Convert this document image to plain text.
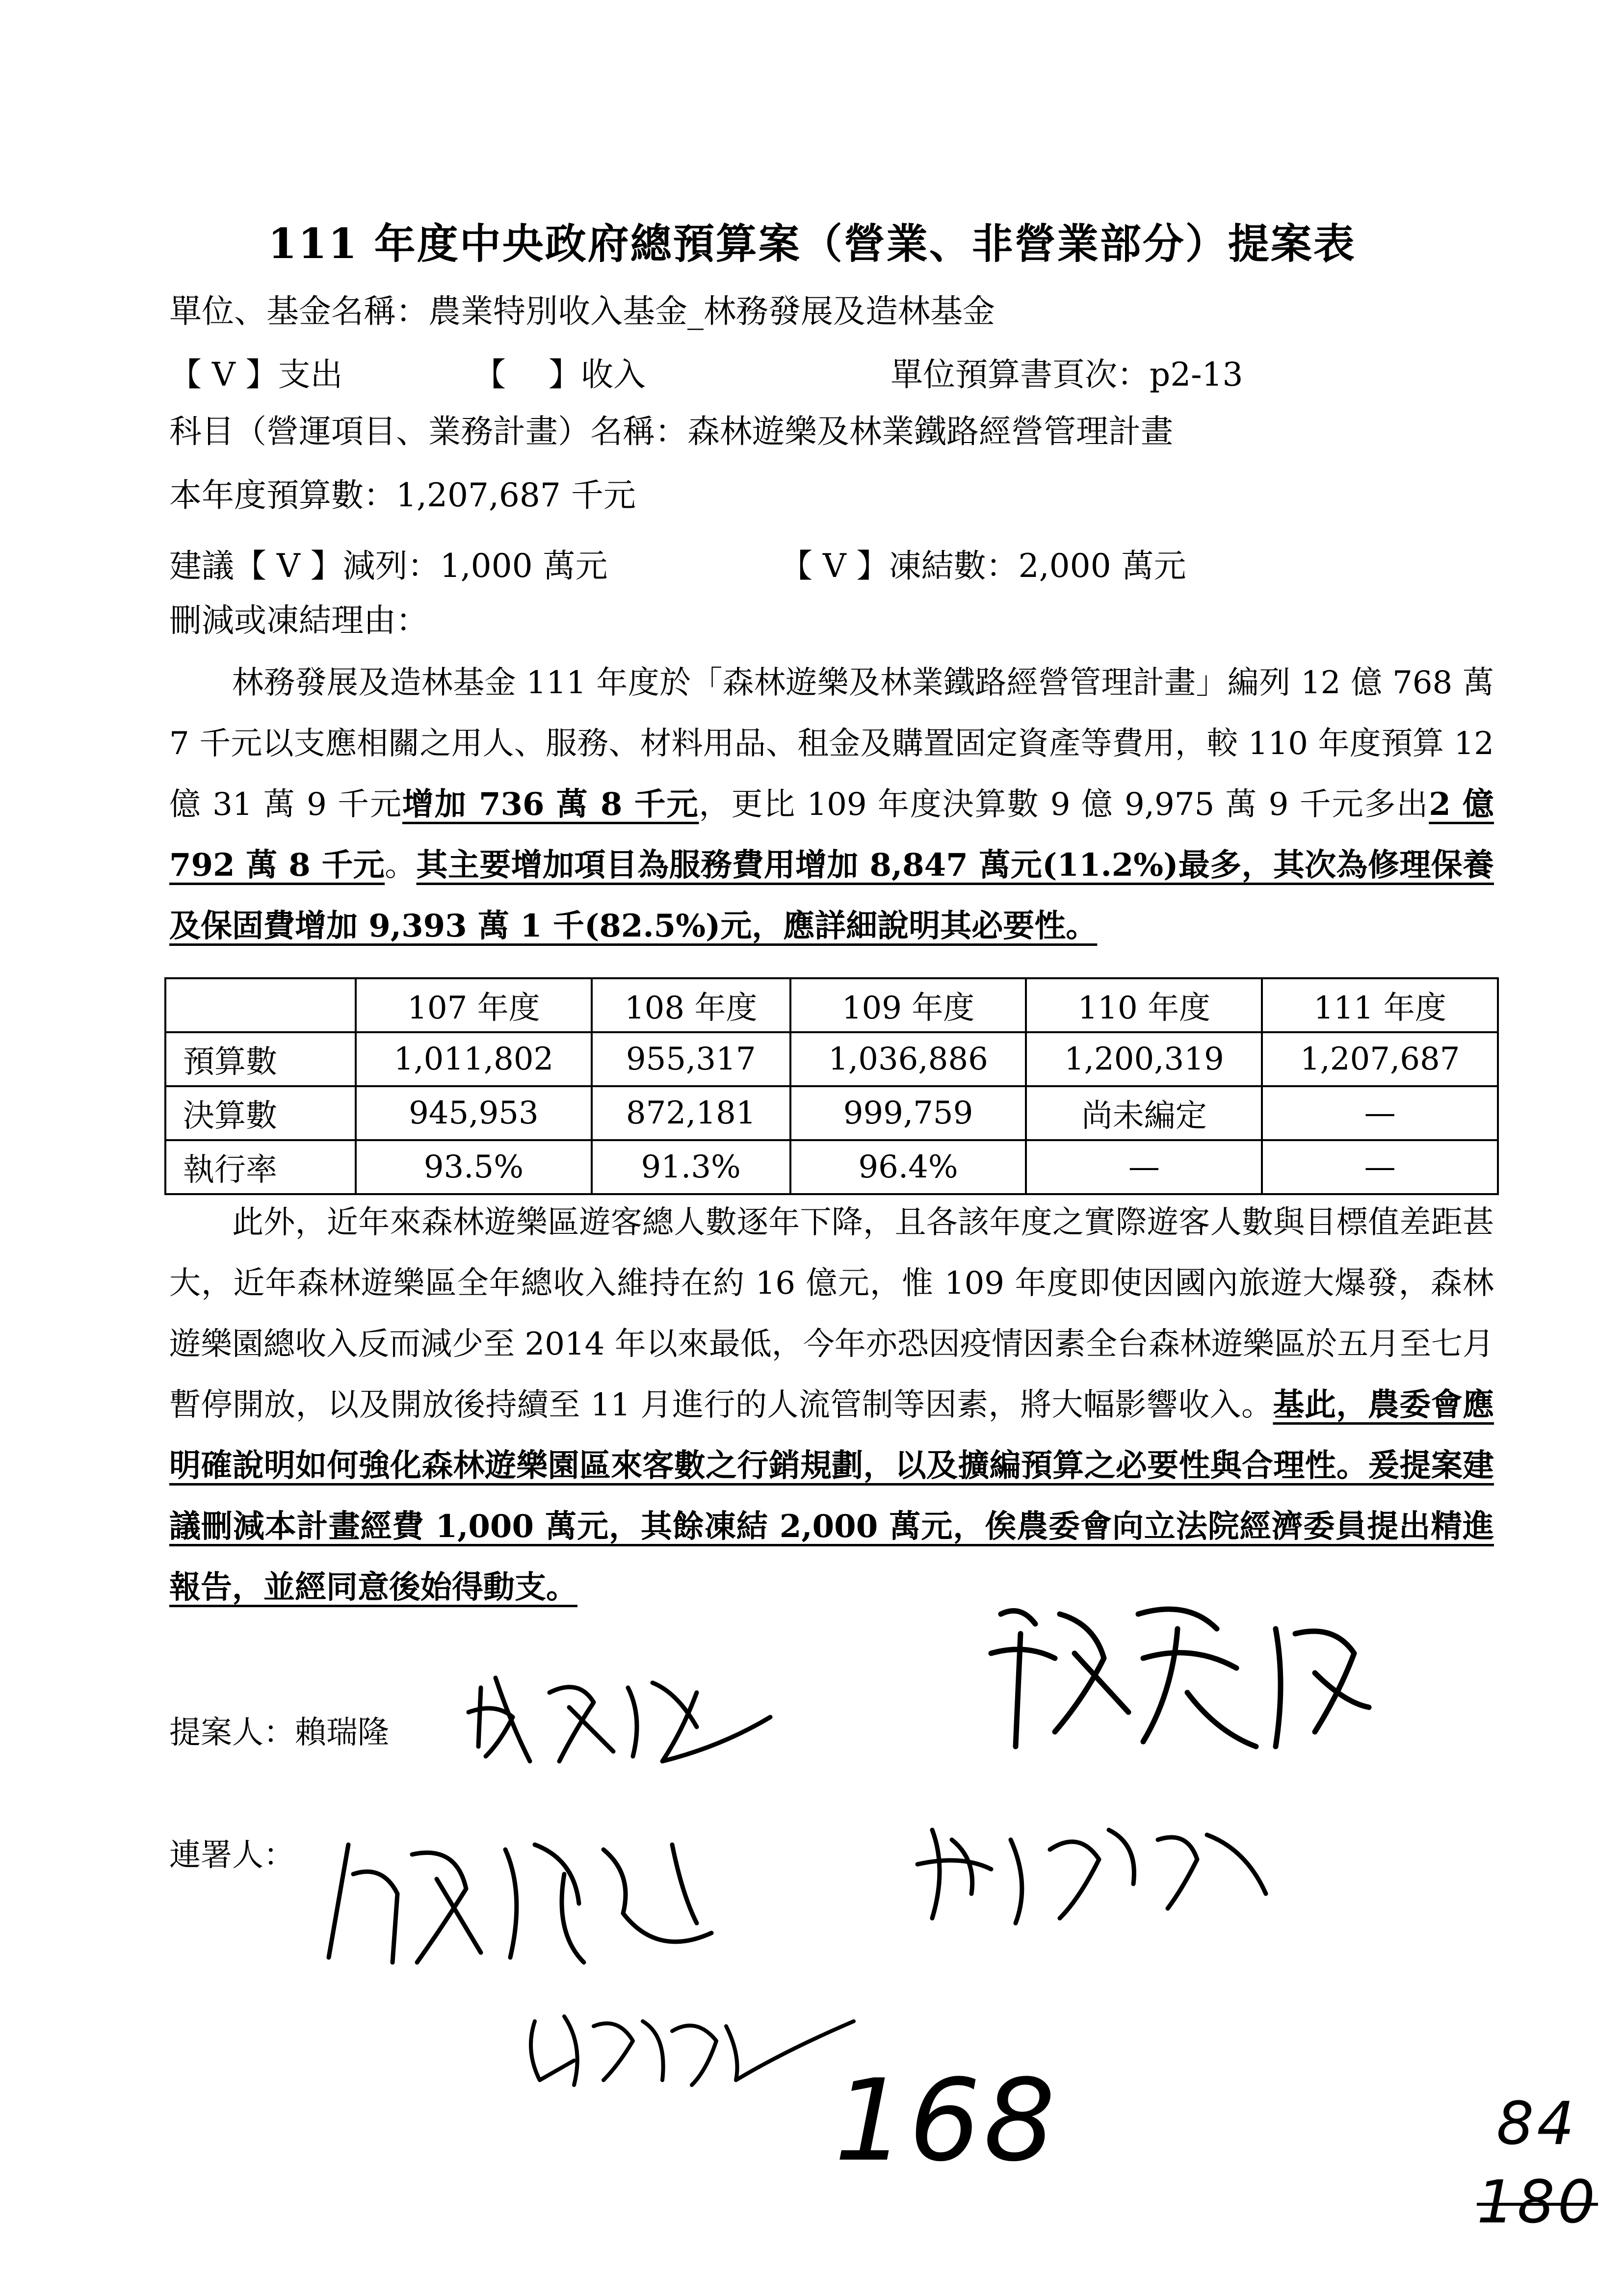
111 年度中央政府總預算案（營業、非營業部分）提案表
單位、基金名稱：農業特別收入基金_林務發展及造林基金
【 V 】支出	【　 】收入	單位預算書頁次：p2-13
科目（營運項目、業務計畫）名稱：森林遊樂及林業鐵路經營管理計畫
本年度預算數：1,207,687 千元
建議【 V 】減列：1,000 萬元	【 V 】凍結數：2,000 萬元
刪減或凍結理由：
林務發展及造林基金 111 年度於「森林遊樂及林業鐵路經營管理計畫」編列 12 億 768 萬 7 千元以支應相關之用人、服務、材料用品、租金及購置固定資產等費用，較 110 年度預算 12 億 31 萬 9 千元增加 736 萬 8 千元，更比 109 年度決算數 9 億 9,975 萬 9 千元多出2 億 792 萬 8 千元。其主要增加項目為服務費用增加 8,847 萬元(11.2%)最多，其次為修理保養及保固費增加 9,393 萬 1 千(82.5%)元，應詳細說明其必要性。
	107 年度	108 年度	109 年度	110 年度	111 年度
預算數	1,011,802	955,317	1,036,886	1,200,319	1,207,687
決算數	945,953	872,181	999,759	尚未編定	—
執行率	93.5%	91.3%	96.4%	—	—
此外，近年來森林遊樂區遊客總人數逐年下降，且各該年度之實際遊客人數與目標值差距甚大，近年森林遊樂區全年總收入維持在約 16 億元，惟 109 年度即使因國內旅遊大爆發，森林遊樂園總收入反而減少至 2014 年以來最低，今年亦恐因疫情因素全台森林遊樂區於五月至七月暫停開放，以及開放後持續至 11 月進行的人流管制等因素，將大幅影響收入。基此，農委會應明確說明如何強化森林遊樂園區來客數之行銷規劃，以及擴編預算之必要性與合理性。爰提案建議刪減本計畫經費 1,000 萬元，其餘凍結 2,000 萬元，俟農委會向立法院經濟委員提出精進報告，並經同意後始得動支。
提案人：賴瑞隆
連署人：
168	84
180
